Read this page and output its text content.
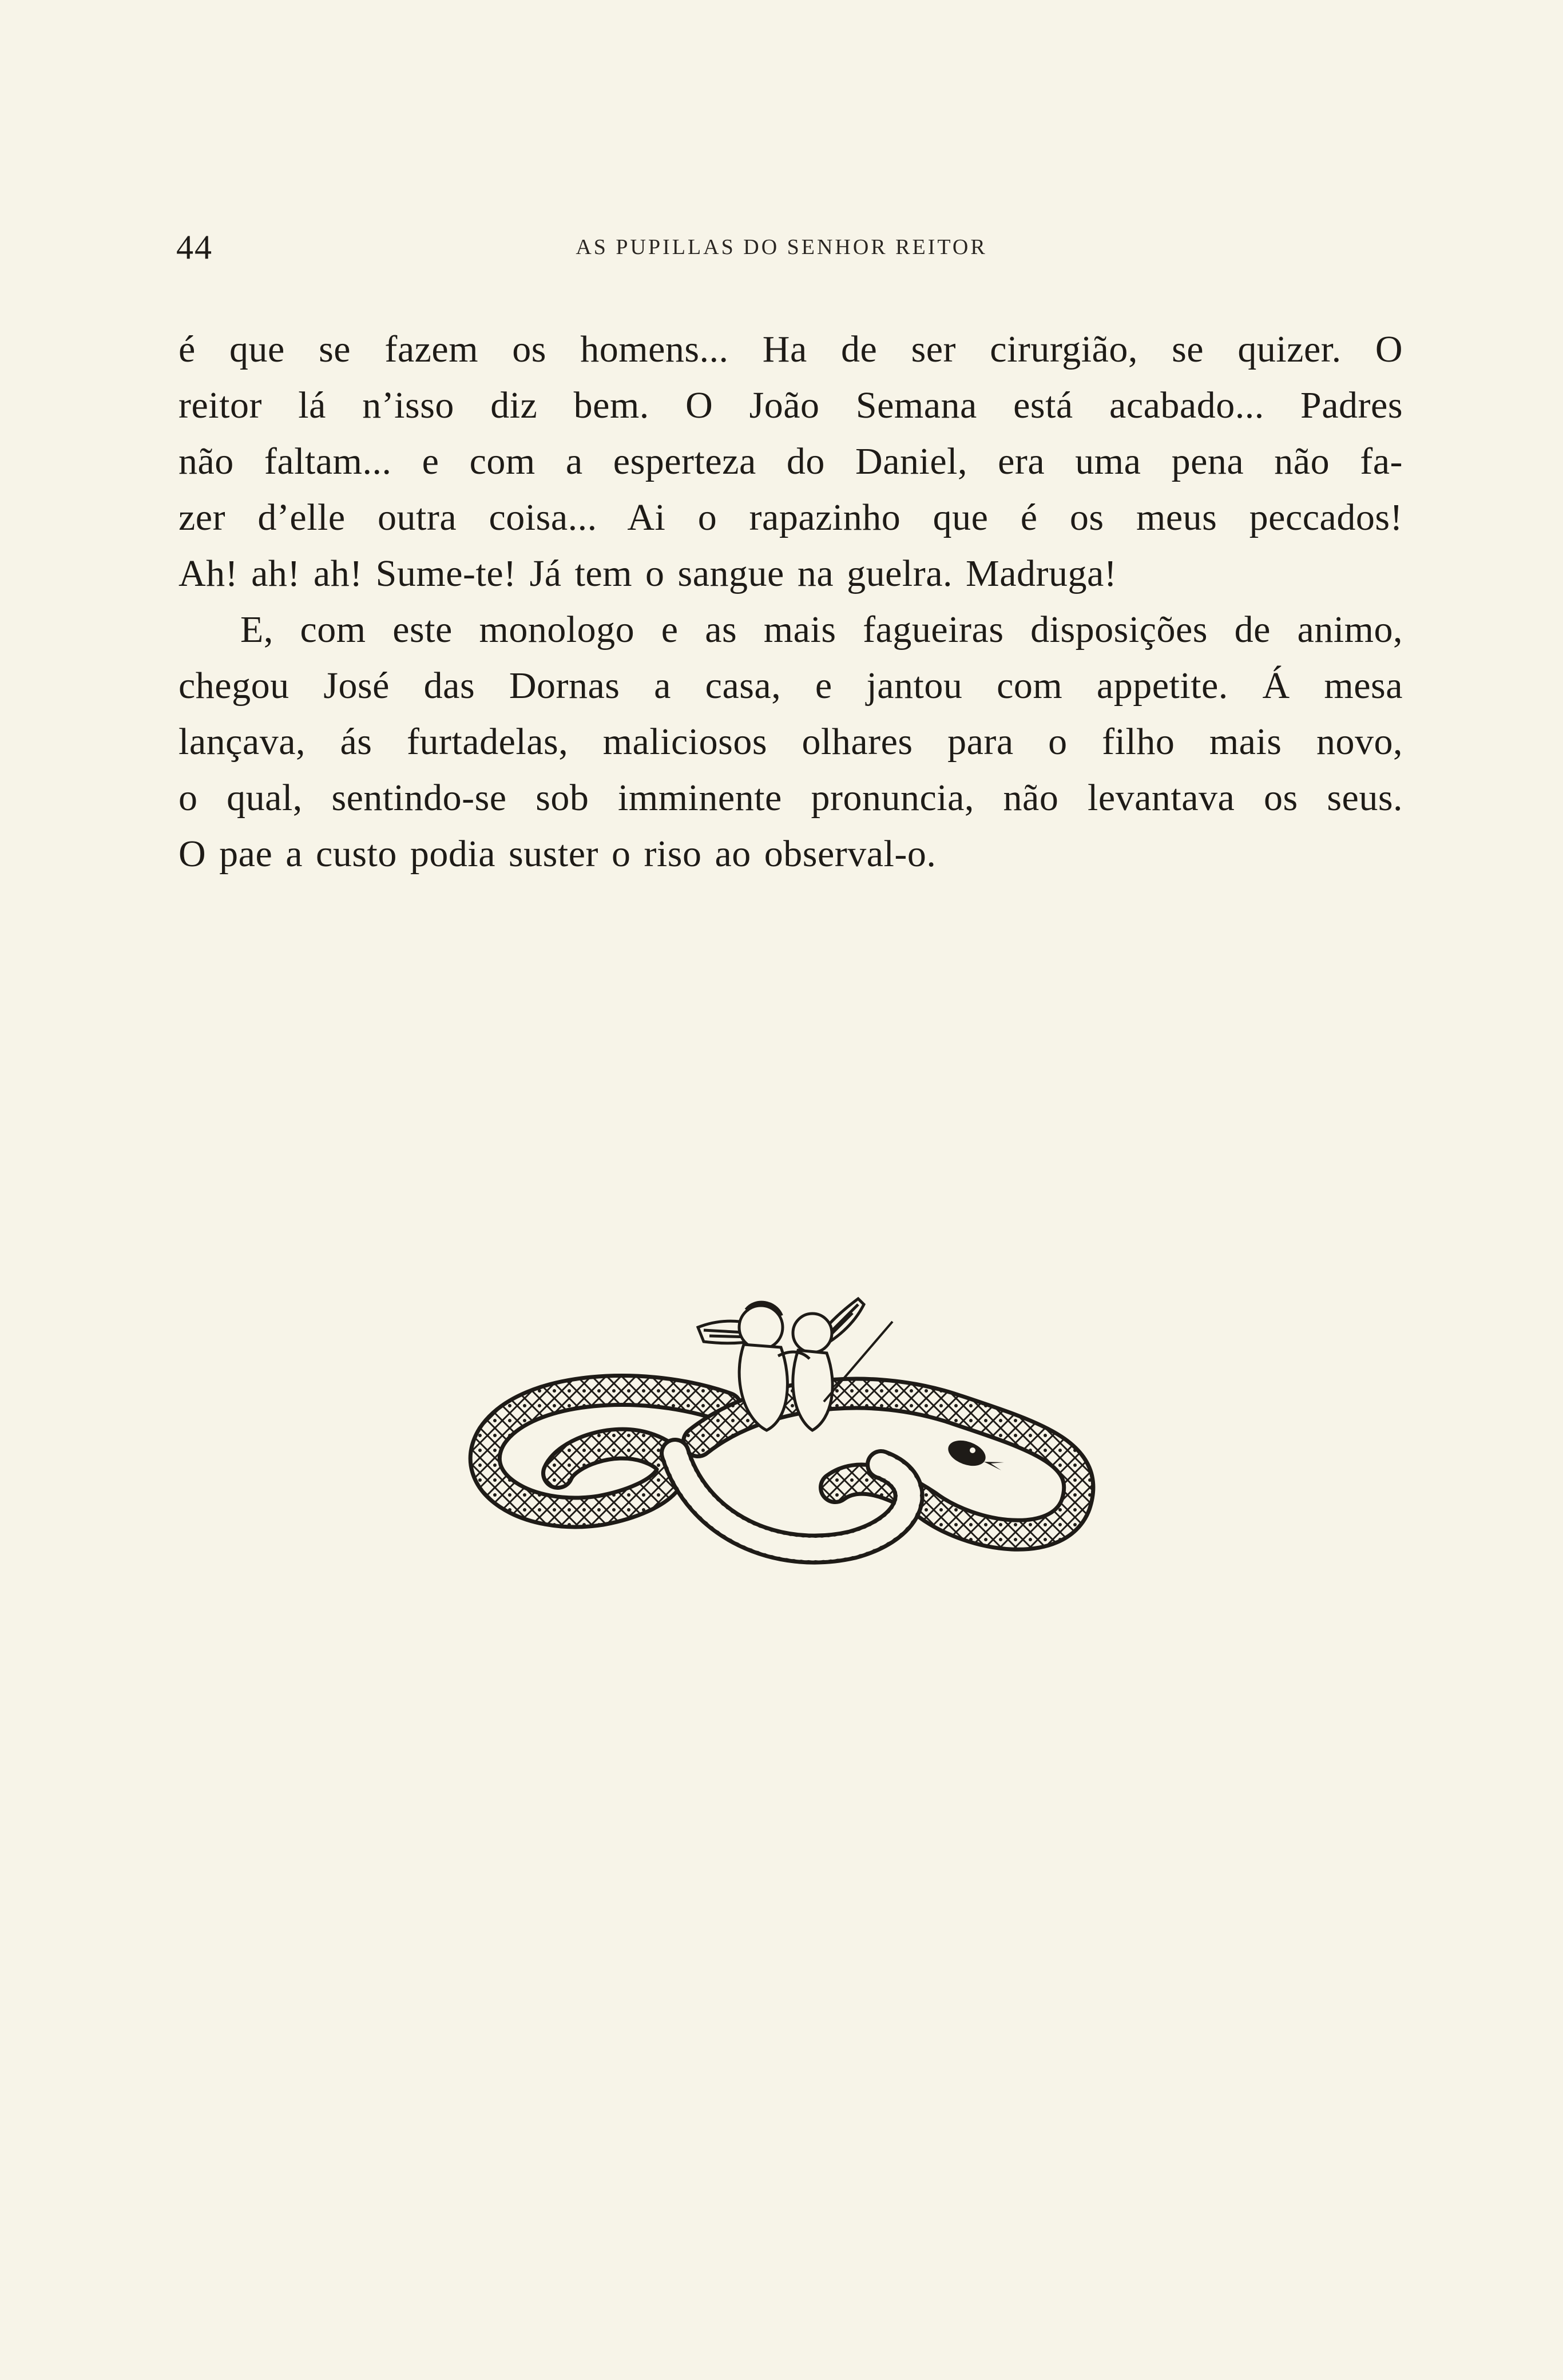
44	AS PUPILLAS DO SENHOR REITOR
é que se fazem os homens... Ha de ser cirurgião, se quizer. O
reitor lá n’isso diz bem. O João Semana está acabado... Padres
não faltam... e com a esperteza do Daniel, era uma pena não fa-
zer d’elle outra coisa... Ai o rapazinho que é os meus peccados!
Ah! ah! ah! Sume-te! Já tem o sangue na guelra. Madruga!
E, com este monologo e as mais fagueiras disposições de animo,
chegou José das Dornas a casa, e jantou com appetite. Á mesa
lançava, ás furtadelas, maliciosos olhares para o filho mais novo,
o qual, sentindo-se sob imminente pronuncia, não levantava os seus.
O pae a custo podia suster o riso ao observal-o.
